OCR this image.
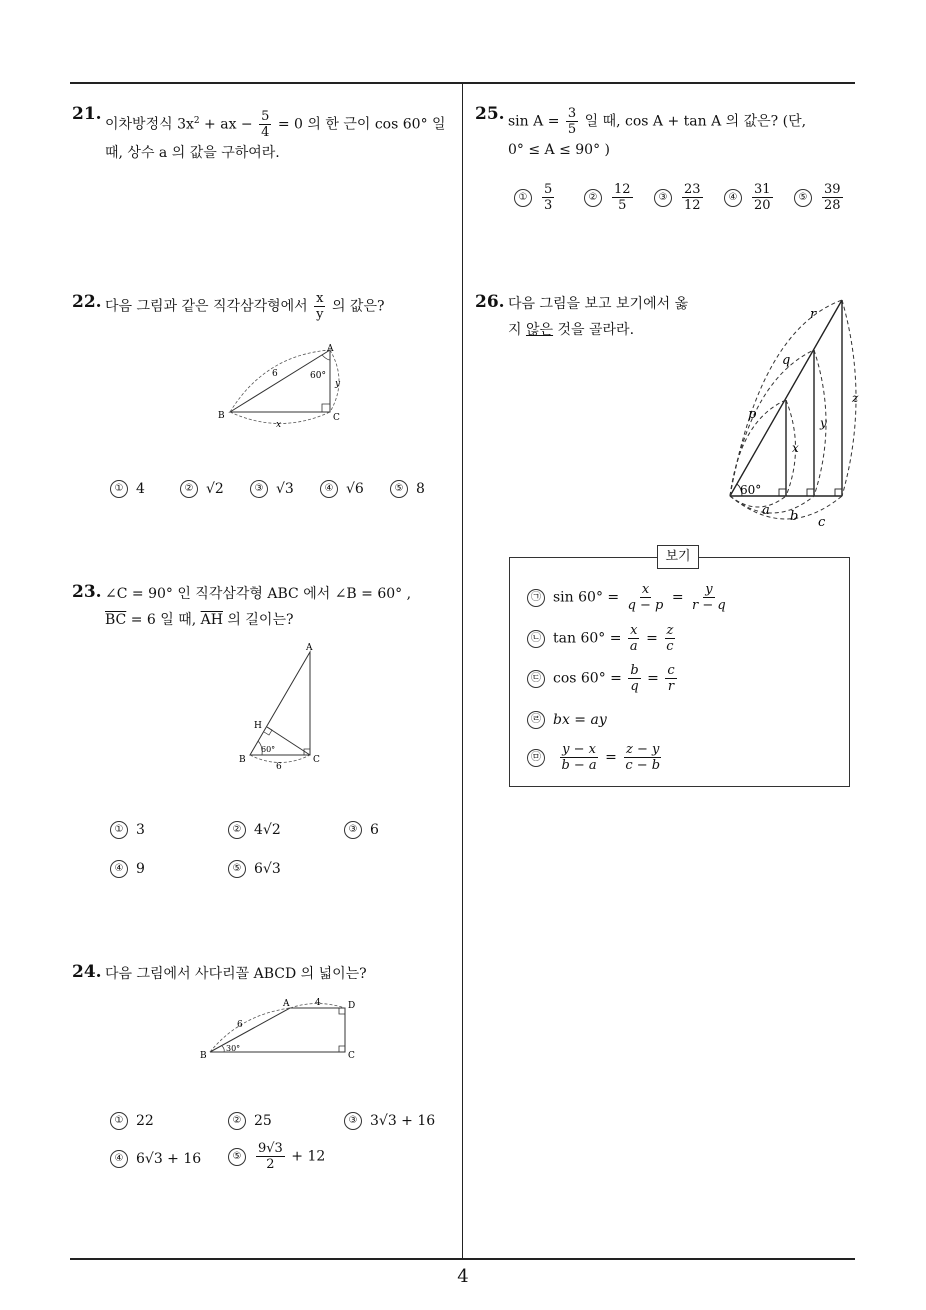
21.
이차방정식 $3x^2$ + ax − $\frac{5}{4} = 0$ 의 한 근이 cos 60° 일
때, 상수 a 의 값을 구하여라.
22. 다음 그림과 같은 직각삼각형에서 $\frac{x}{y}$ 의 값은?
A
B	C
6	60°
x
y
① 4	② √2	③ √3	④ √6	⑤ 8
23. ∠C = 90° 인 직각삼각형 ABC 에서 ∠B = 60° ,
$\overline{BC} = 6$ 일 때, $\overline{AH}$ 의 길이는?
A
B	C
H
60°
6
① 3	② 4√2	③ 6
④ 9	⑤ 6√3
24. 다음 그림에서 사다리꼴 ABCD 의 넓이는?
A
B	C
D
6
4
30°
① 22	② 25	③ 3√3 + 16
④ 6√3 + 16	⑤ $\frac{9√3}{2} + 12$
25. $\sin A = \frac{3}{5}$ 일 때, cos A + tan A 의 값은? (단,
0° ≤ A ≤ 90° )
① $\frac{5}{3}$	② $\frac{12}{5}$	③ $\frac{23}{12}$	④ $\frac{31}{20}$	⑤ $\frac{39}{28}$
26. 다음 그림을 보고 보기에서 옳
지 않은 것을 골라라.
60°
a b c
p
q
r
x
y
z
보기
㉠ $\sin 60^\circ = \frac{x}{q - p} = \frac{y}{r - q}$
㉡ $\tan 60^\circ = \frac{x}{a} = \frac{z}{c}$
㉢ $\cos 60^\circ = \frac{b}{q} = \frac{c}{r}$
㉣ bx = ay
㉤ $\frac{y - x}{b - a} = \frac{z - y}{c - b}$
4
